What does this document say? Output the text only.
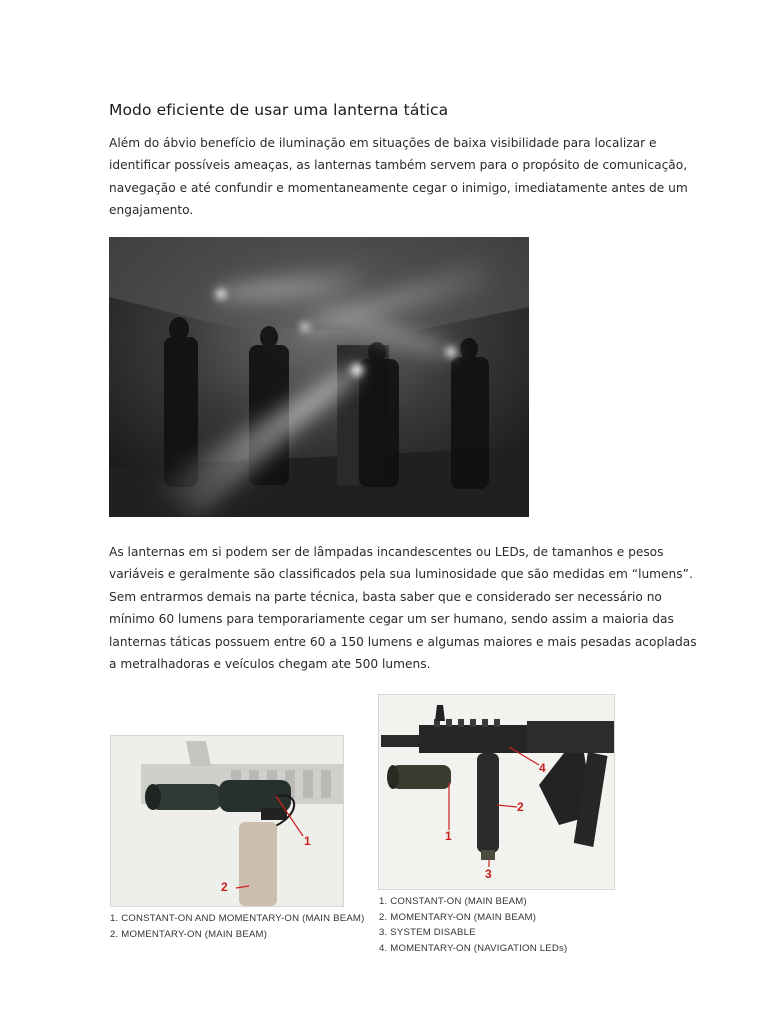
Modo eficiente de usar uma lanterna tática
Além do ábvio benefício de iluminação em situações de baixa visibilidade para localizar e
identificar possíveis ameaças, as lanternas também servem para o propósito de comunicação,
navegação e até confundir e momentaneamente cegar o inimigo, imediatamente antes de um
engajamento.
As lanternas em si podem ser de lâmpadas incandescentes ou LEDs, de tamanhos e pesos
variáveis e geralmente são classificados pela sua luminosidade que são medidas em “lumens”.
Sem entrarmos demais na parte técnica, basta saber que e considerado ser necessário no
mínimo 60 lumens para temporariamente cegar um ser humano, sendo assim a maioria das
lanternas táticas possuem entre 60 a 150 lumens e algumas maiores e mais pesadas acopladas
a metralhadoras e veículos chegam ate 500 lumens.
1
2
1. CONSTANT-ON AND MOMENTARY-ON (MAIN BEAM)
2. MOMENTARY-ON (MAIN BEAM)
4
2
1
3
1. CONSTANT-ON (MAIN BEAM)
2. MOMENTARY-ON (MAIN BEAM)
3. SYSTEM DISABLE
4. MOMENTARY-ON (NAVIGATION LEDs)
